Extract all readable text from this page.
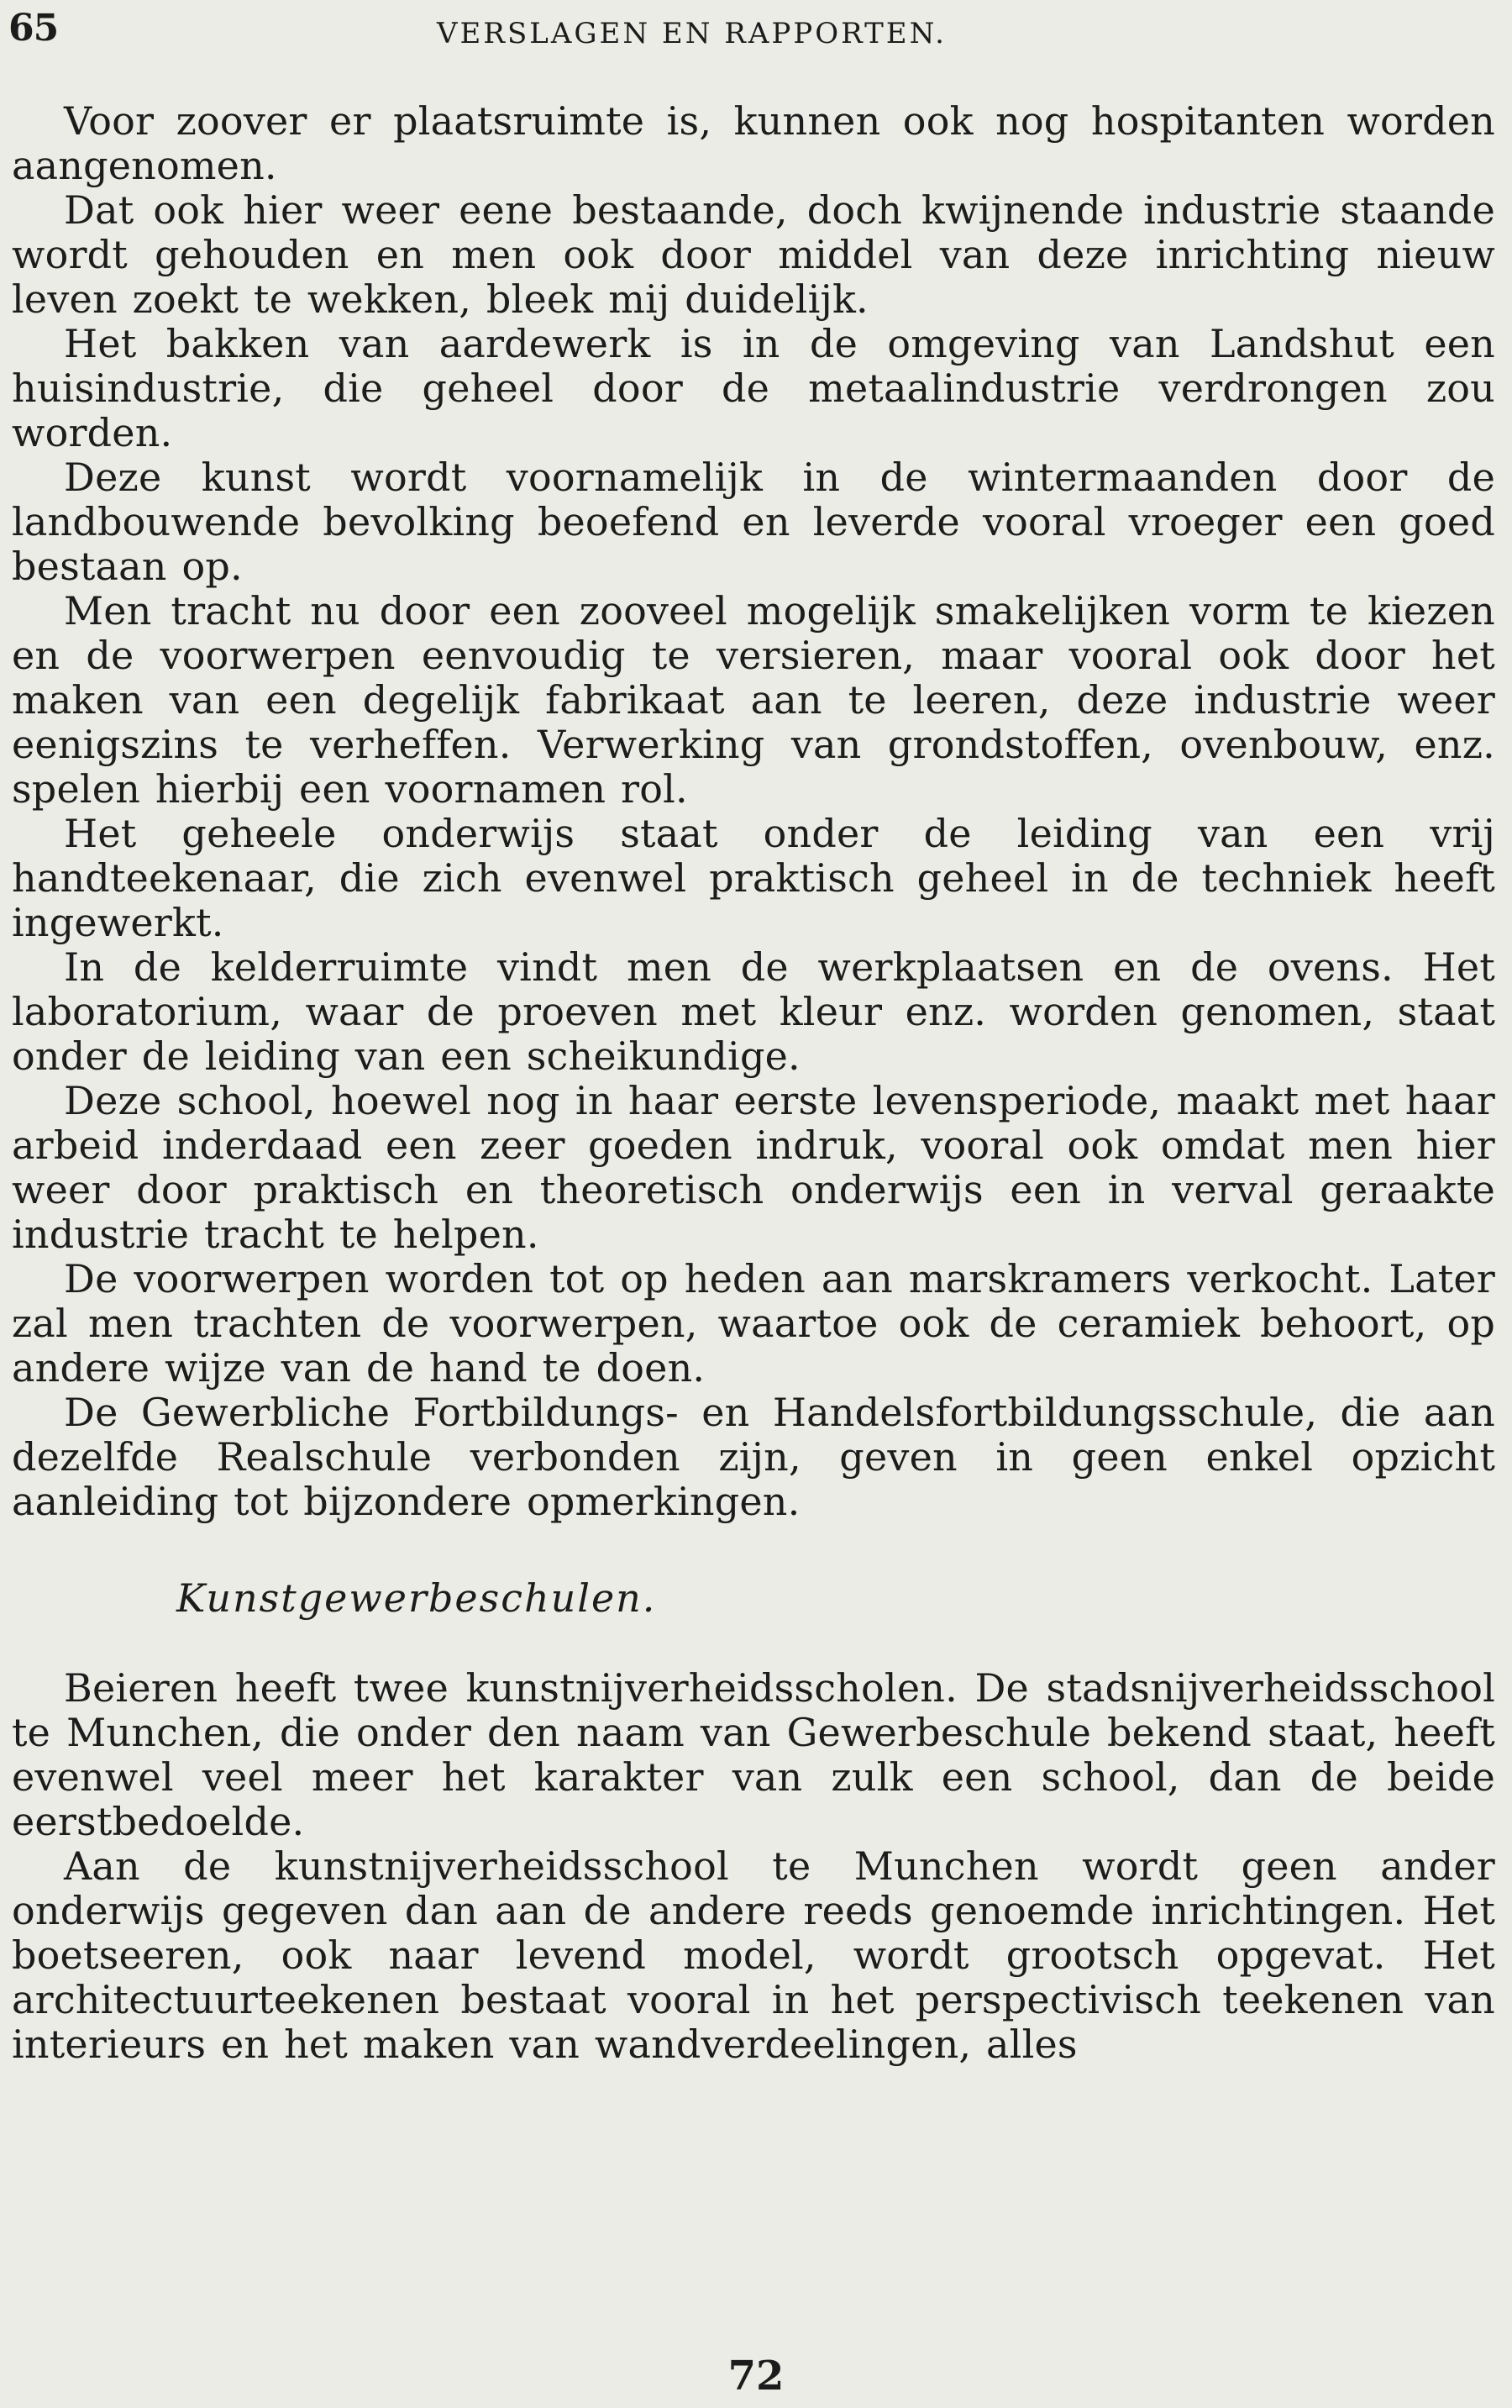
65	VERSLAGEN EN RAPPORTEN.

Voor zoover er plaatsruimte is, kunnen ook nog hospitanten worden aangenomen.

Dat ook hier weer eene bestaande, doch kwijnende industrie staande wordt gehouden en men ook door middel van deze inrichting nieuw leven zoekt te wekken, bleek mij duidelijk.

Het bakken van aardewerk is in de omgeving van Landshut een huisindustrie, die geheel door de metaalindustrie verdrongen zou worden.

Deze kunst wordt voornamelijk in de wintermaanden door de landbouwende bevolking beoefend en leverde vooral vroeger een goed bestaan op.

Men tracht nu door een zooveel mogelijk smakelijken vorm te kiezen en de voorwerpen eenvoudig te versieren, maar vooral ook door het maken van een degelijk fabrikaat aan te leeren, deze industrie weer eenigszins te verheffen. Verwerking van grondstoffen, ovenbouw, enz. spelen hierbij een voornamen rol.

Het geheele onderwijs staat onder de leiding van een vrij handteekenaar, die zich evenwel praktisch geheel in de techniek heeft ingewerkt.

In de kelderruimte vindt men de werkplaatsen en de ovens. Het laboratorium, waar de proeven met kleur enz. worden genomen, staat onder de leiding van een scheikundige.

Deze school, hoewel nog in haar eerste levensperiode, maakt met haar arbeid inderdaad een zeer goeden indruk, vooral ook omdat men hier weer door praktisch en theoretisch onderwijs een in verval geraakte industrie tracht te helpen.

De voorwerpen worden tot op heden aan marskramers verkocht. Later zal men trachten de voorwerpen, waartoe ook de ceramiek behoort, op andere wijze van de hand te doen.

De Gewerbliche Fortbildungs- en Handelsfortbildungsschule, die aan dezelfde Realschule verbonden zijn, geven in geen enkel opzicht aanleiding tot bijzondere opmerkingen.

Kunstgewerbeschulen.

Beieren heeft twee kunstnijverheidsscholen. De stadsnijverheidsschool te Munchen, die onder den naam van Gewerbeschule bekend staat, heeft evenwel veel meer het karakter van zulk een school, dan de beide eerstbedoelde.

Aan de kunstnijverheidsschool te Munchen wordt geen ander onderwijs gegeven dan aan de andere reeds genoemde inrichtingen. Het boetseeren, ook naar levend model, wordt grootsch opgevat. Het architectuurteekenen bestaat vooral in het perspectivisch teekenen van interieurs en het maken van wandverdeelingen, alles

72
